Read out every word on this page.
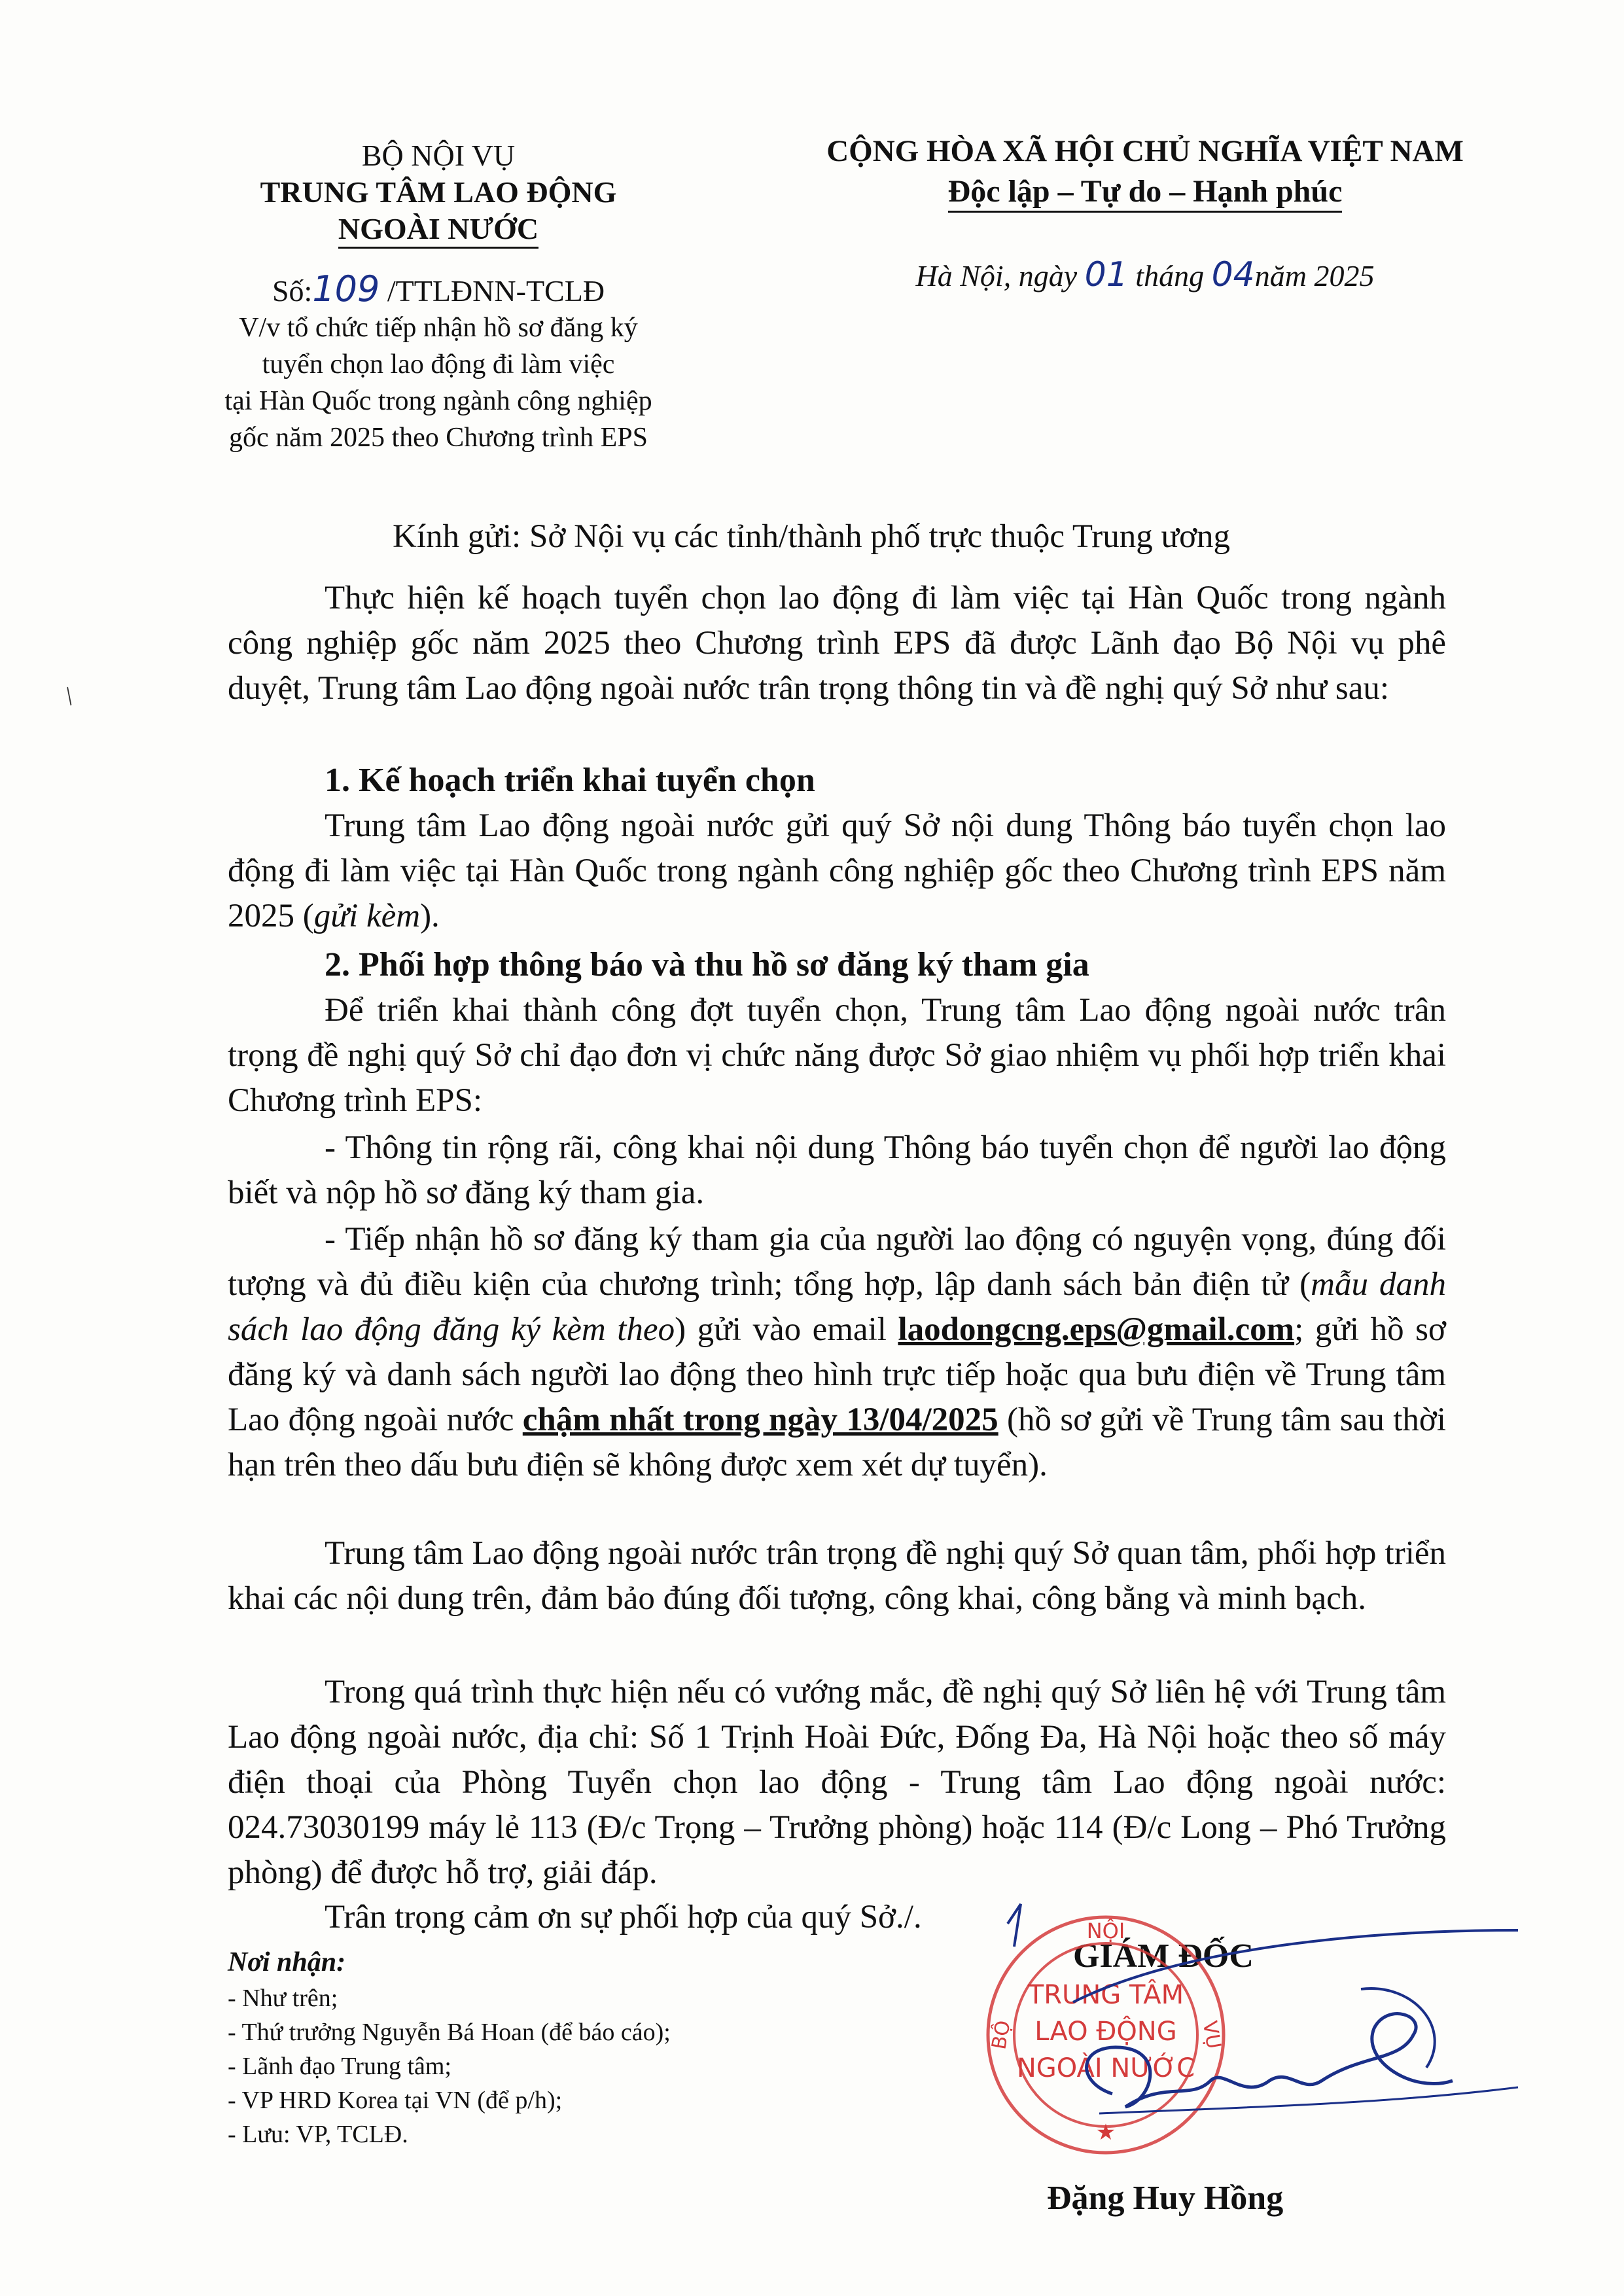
BỘ NỘI VỤ
TRUNG TÂM LAO ĐỘNG
NGOÀI NƯỚC
Số:109 /TTLĐNN-TCLĐ
V/v tổ chức tiếp nhận hồ sơ đăng ký
tuyển chọn lao động đi làm việc
tại Hàn Quốc trong ngành công nghiệp
gốc năm 2025 theo Chương trình EPS
CỘNG HÒA XÃ HỘI CHỦ NGHĨA VIỆT NAM
Độc lập – Tự do – Hạnh phúc
Hà Nội, ngày 01 tháng 04năm 2025

Kính gửi: Sở Nội vụ các tỉnh/thành phố trực thuộc Trung ương

Thực hiện kế hoạch tuyển chọn lao động đi làm việc tại Hàn Quốc trong ngành công nghiệp gốc năm 2025 theo Chương trình EPS đã được Lãnh đạo Bộ Nội vụ phê duyệt, Trung tâm Lao động ngoài nước trân trọng thông tin và đề nghị quý Sở như sau:

1. Kế hoạch triển khai tuyển chọn

Trung tâm Lao động ngoài nước gửi quý Sở nội dung Thông báo tuyển chọn lao động đi làm việc tại Hàn Quốc trong ngành công nghiệp gốc theo Chương trình EPS năm 2025 (gửi kèm).

2. Phối hợp thông báo và thu hồ sơ đăng ký tham gia

Để triển khai thành công đợt tuyển chọn, Trung tâm Lao động ngoài nước trân trọng đề nghị quý Sở chỉ đạo đơn vị chức năng được Sở giao nhiệm vụ phối hợp triển khai Chương trình EPS:

- Thông tin rộng rãi, công khai nội dung Thông báo tuyển chọn để người lao động biết và nộp hồ sơ đăng ký tham gia.

- Tiếp nhận hồ sơ đăng ký tham gia của người lao động có nguyện vọng, đúng đối tượng và đủ điều kiện của chương trình; tổng hợp, lập danh sách bản điện tử (mẫu danh sách lao động đăng ký kèm theo) gửi vào email laodongcng.eps@gmail.com; gửi hồ sơ đăng ký và danh sách người lao động theo hình trực tiếp hoặc qua bưu điện về Trung tâm Lao động ngoài nước chậm nhất trong ngày 13/04/2025 (hồ sơ gửi về Trung tâm sau thời hạn trên theo dấu bưu điện sẽ không được xem xét dự tuyển).

Trung tâm Lao động ngoài nước trân trọng đề nghị quý Sở quan tâm, phối hợp triển khai các nội dung trên, đảm bảo đúng đối tượng, công khai, công bằng và minh bạch.

Trong quá trình thực hiện nếu có vướng mắc, đề nghị quý Sở liên hệ với Trung tâm Lao động ngoài nước, địa chỉ: Số 1 Trịnh Hoài Đức, Đống Đa, Hà Nội hoặc theo số máy điện thoại của Phòng Tuyển chọn lao động - Trung tâm Lao động ngoài nước: 024.73030199 máy lẻ 113 (Đ/c Trọng – Trưởng phòng) hoặc 114 (Đ/c Long – Phó Trưởng phòng) để được hỗ trợ, giải đáp.

Trân trọng cảm ơn sự phối hợp của quý Sở./.

Nơi nhận:
- Như trên;
- Thứ trưởng Nguyễn Bá Hoan (để báo cáo);
- Lãnh đạo Trung tâm;
- VP HRD Korea tại VN (để p/h);
- Lưu: VP, TCLĐ.
GIÁM ĐỐC
NỘI
BỘ	VỤ
TRUNG TÂM
LAO ĐỘNG
NGOÀI NƯỚC
★
Đặng Huy Hồng
/
